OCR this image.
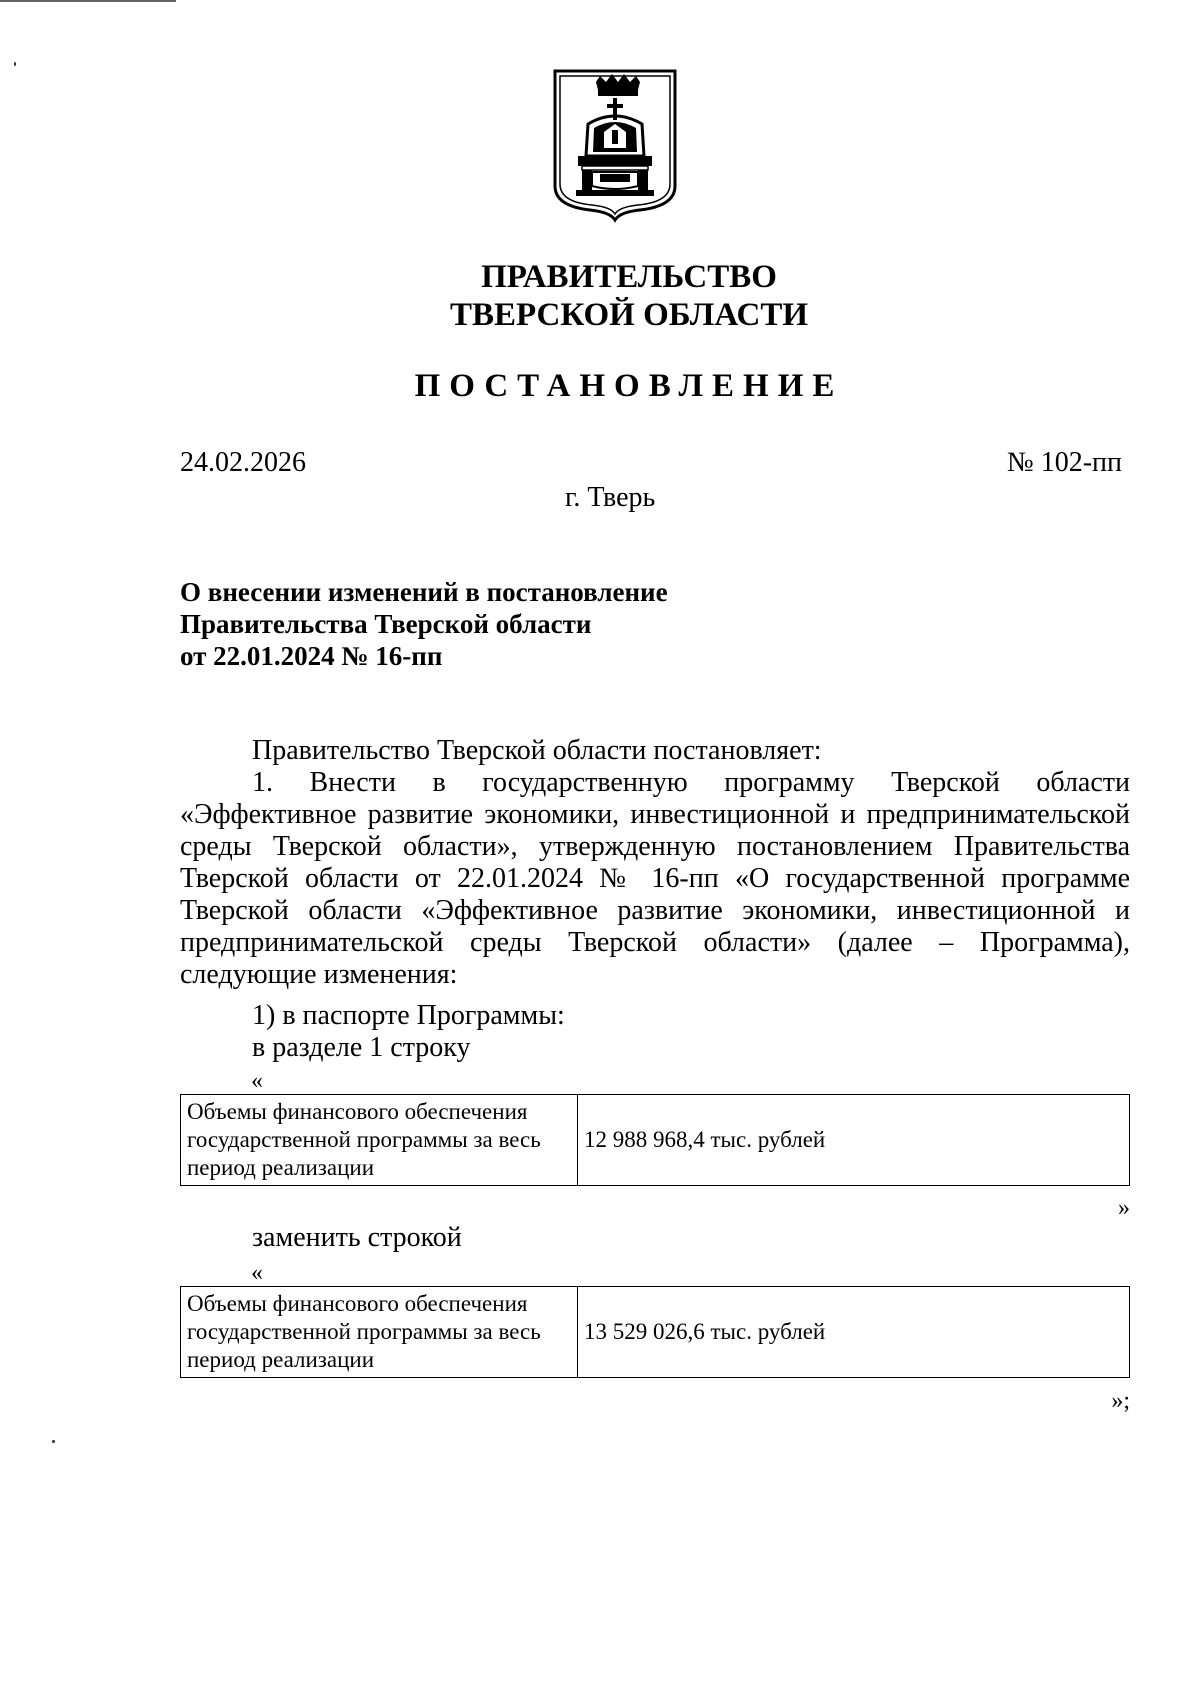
ПРАВИТЕЛЬСТВО
ТВЕРСКОЙ ОБЛАСТИ
ПОСТАНОВЛЕНИЕ
24.02.2026	№ 102-пп
г. Тверь
О внесении изменений в постановление
Правительства Тверской области
от 22.01.2024 № 16-пп
Правительство Тверской области постановляет:
1. Внести в государственную программу Тверской области
«Эффективное развитие экономики, инвестиционной и предпринимательской
среды Тверской области», утвержденную постановлением Правительства
Тверской области от 22.01.2024 № 16-пп «О государственной программе
Тверской области «Эффективное развитие экономики, инвестиционной и
предпринимательской среды Тверской области» (далее – Программа),
следующие изменения:
1) в паспорте Программы:
в разделе 1 строку
«
Объемы финансового обеспечения государственной программы за весь период реализации	12 988 968,4 тыс. рублей
»
заменить строкой
«
Объемы финансового обеспечения государственной программы за весь период реализации	13 529 026,6 тыс. рублей
»;
